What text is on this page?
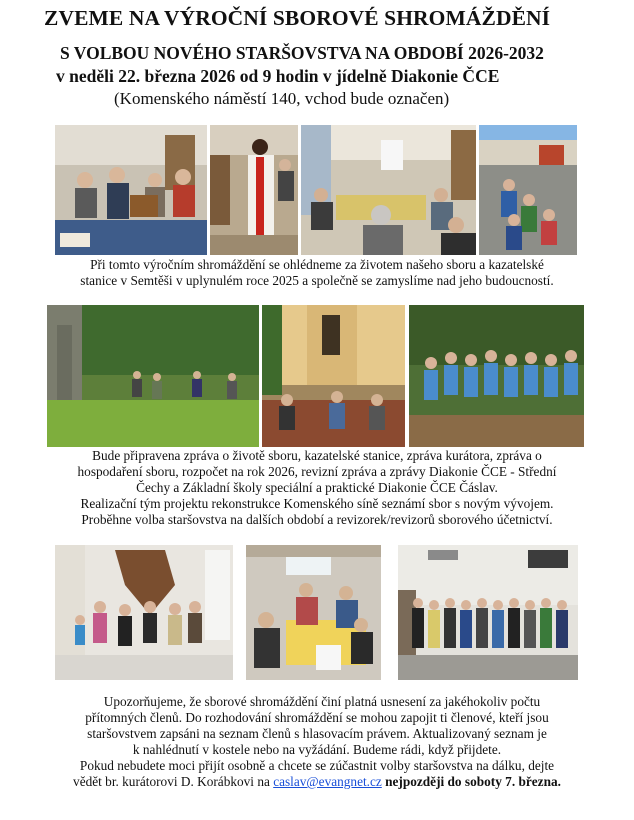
ZVEME NA VÝROČNÍ SBOROVÉ SHROMÁŽDĚNÍ
S VOLBOU NOVÉHO STARŠOVSTVA NA OBDOBÍ 2026-2032
v neděli 22. března 2026 od 9 hodin v jídelně Diakonie ČCE
(Komenského náměstí 140, vchod bude označen)
Při tomto výročním shromáždění se ohlédneme za životem našeho sboru a kazatelské
stanice v Semtěši v uplynulém roce 2025 a společně se zamyslíme nad jeho budoucností.
Bude připravena zpráva o životě sboru, kazatelské stanice, zpráva kurátora, zpráva o
hospodaření sboru, rozpočet na rok 2026, revizní zpráva a zprávy Diakonie ČCE - Střední
Čechy a Základní školy speciální a praktické Diakonie ČCE Čáslav.
Realizační tým projektu rekonstrukce Komenského síně seznámí sbor s novým vývojem.
Proběhne volba staršovstva na dalších období a revizorek/revizorů sborového účetnictví.
Upozorňujeme, že sborové shromáždění činí platná usnesení za jakéhokoliv počtu
přítomných členů. Do rozhodování shromáždění se mohou zapojit ti členové, kteří jsou
staršovstvem zapsáni na seznam členů s hlasovacím právem. Aktualizovaný seznam je
k nahlédnutí v kostele nebo na vyžádání. Budeme rádi, když přijdete.
Pokud nebudete moci přijít osobně a chcete se zúčastnit volby staršovstva na dálku, dejte
vědět br. kurátorovi D. Korábkovi na caslav@evangnet.cz nejpozději do soboty 7. března.
